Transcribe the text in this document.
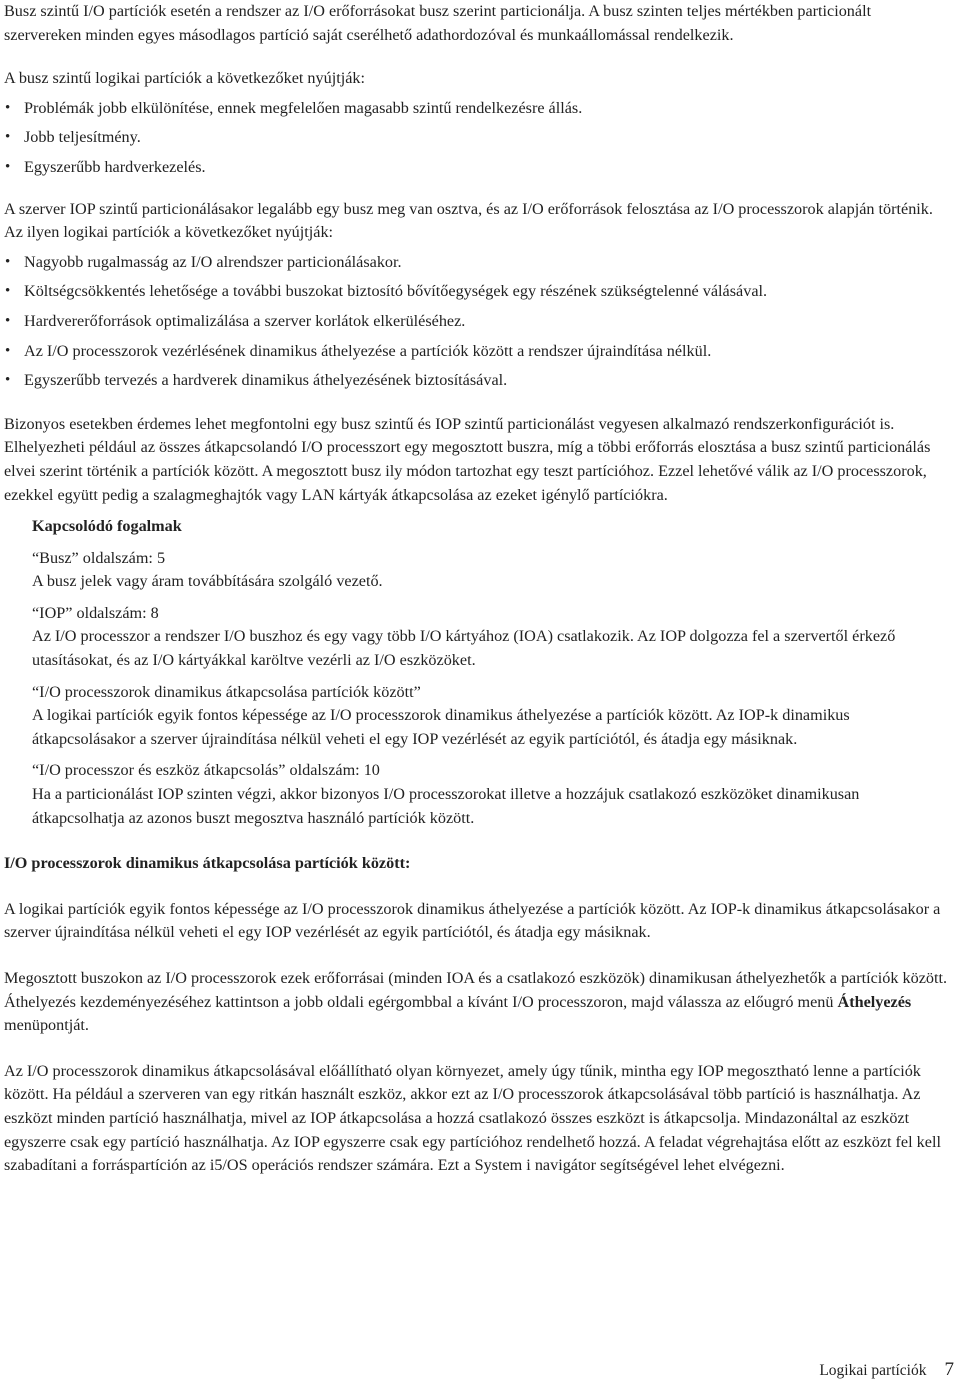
Busz szintű I/O partíciók esetén a rendszer az I/O erőforrásokat busz szerint particionálja. A busz szinten teljes mértékben particionált szervereken minden egyes másodlagos partíció saját cserélhető adathordozóval és munkaállomással rendelkezik.

A busz szintű logikai partíciók a következőket nyújtják:

• Problémák jobb elkülönítése, ennek megfelelően magasabb szintű rendelkezésre állás.
• Jobb teljesítmény.
• Egyszerűbb hardverkezelés.

A szerver IOP szintű particionálásakor legalább egy busz meg van osztva, és az I/O erőforrások felosztása az I/O processzorok alapján történik. Az ilyen logikai partíciók a következőket nyújtják:

• Nagyobb rugalmasság az I/O alrendszer particionálásakor.
• Költségcsökkentés lehetősége a további buszokat biztosító bővítőegységek egy részének szükségtelenné válásával.
• Hardvererőforrások optimalizálása a szerver korlátok elkerüléséhez.
• Az I/O processzorok vezérlésének dinamikus áthelyezése a partíciók között a rendszer újraindítása nélkül.
• Egyszerűbb tervezés a hardverek dinamikus áthelyezésének biztosításával.

Bizonyos esetekben érdemes lehet megfontolni egy busz szintű és IOP szintű particionálást vegyesen alkalmazó rendszerkonfigurációt is. Elhelyezheti például az összes átkapcsolandó I/O processzort egy megosztott buszra, míg a többi erőforrás elosztása a busz szintű particionálás elvei szerint történik a partíciók között. A megosztott busz ily módon tartozhat egy teszt partícióhoz. Ezzel lehetővé válik az I/O processzorok, ezekkel együtt pedig a szalagmeghajtók vagy LAN kártyák átkapcsolása az ezeket igénylő partíciókra.

Kapcsolódó fogalmak
“Busz” oldalszám: 5
A busz jelek vagy áram továbbítására szolgáló vezető.
“IOP” oldalszám: 8
Az I/O processzor a rendszer I/O buszhoz és egy vagy több I/O kártyához (IOA) csatlakozik. Az IOP dolgozza fel a szervertől érkező utasításokat, és az I/O kártyákkal karöltve vezérli az I/O eszközöket.
“I/O processzorok dinamikus átkapcsolása partíciók között”
A logikai partíciók egyik fontos képessége az I/O processzorok dinamikus áthelyezése a partíciók között. Az IOP-k dinamikus átkapcsolásakor a szerver újraindítása nélkül veheti el egy IOP vezérlését az egyik partíciótól, és átadja egy másiknak.
“I/O processzor és eszköz átkapcsolás” oldalszám: 10
Ha a particionálást IOP szinten végzi, akkor bizonyos I/O processzorokat illetve a hozzájuk csatlakozó eszközöket dinamikusan átkapcsolhatja az azonos buszt megosztva használó partíciók között.
I/O processzorok dinamikus átkapcsolása partíciók között:

A logikai partíciók egyik fontos képessége az I/O processzorok dinamikus áthelyezése a partíciók között. Az IOP-k dinamikus átkapcsolásakor a szerver újraindítása nélkül veheti el egy IOP vezérlését az egyik partíciótól, és átadja egy másiknak.

Megosztott buszokon az I/O processzorok ezek erőforrásai (minden IOA és a csatlakozó eszközök) dinamikusan áthelyezhetők a partíciók között. Áthelyezés kezdeményezéséhez kattintson a jobb oldali egérgombbal a kívánt I/O processzoron, majd válassza az előugró menü Áthelyezés menüpontját.

Az I/O processzorok dinamikus átkapcsolásával előállítható olyan környezet, amely úgy tűnik, mintha egy IOP megosztható lenne a partíciók között. Ha például a szerveren van egy ritkán használt eszköz, akkor ezt az I/O processzorok átkapcsolásával több partíció is használhatja. Az eszközt minden partíció használhatja, mivel az IOP átkapcsolása a hozzá csatlakozó összes eszközt is átkapcsolja. Mindazonáltal az eszközt egyszerre csak egy partíció használhatja. Az IOP egyszerre csak egy partícióhoz rendelhető hozzá. A feladat végrehajtása előtt az eszközt fel kell szabadítani a forráspartíción az i5/OS operációs rendszer számára. Ezt a System i navigátor segítségével lehet elvégezni.

Logikai partíciók 7
